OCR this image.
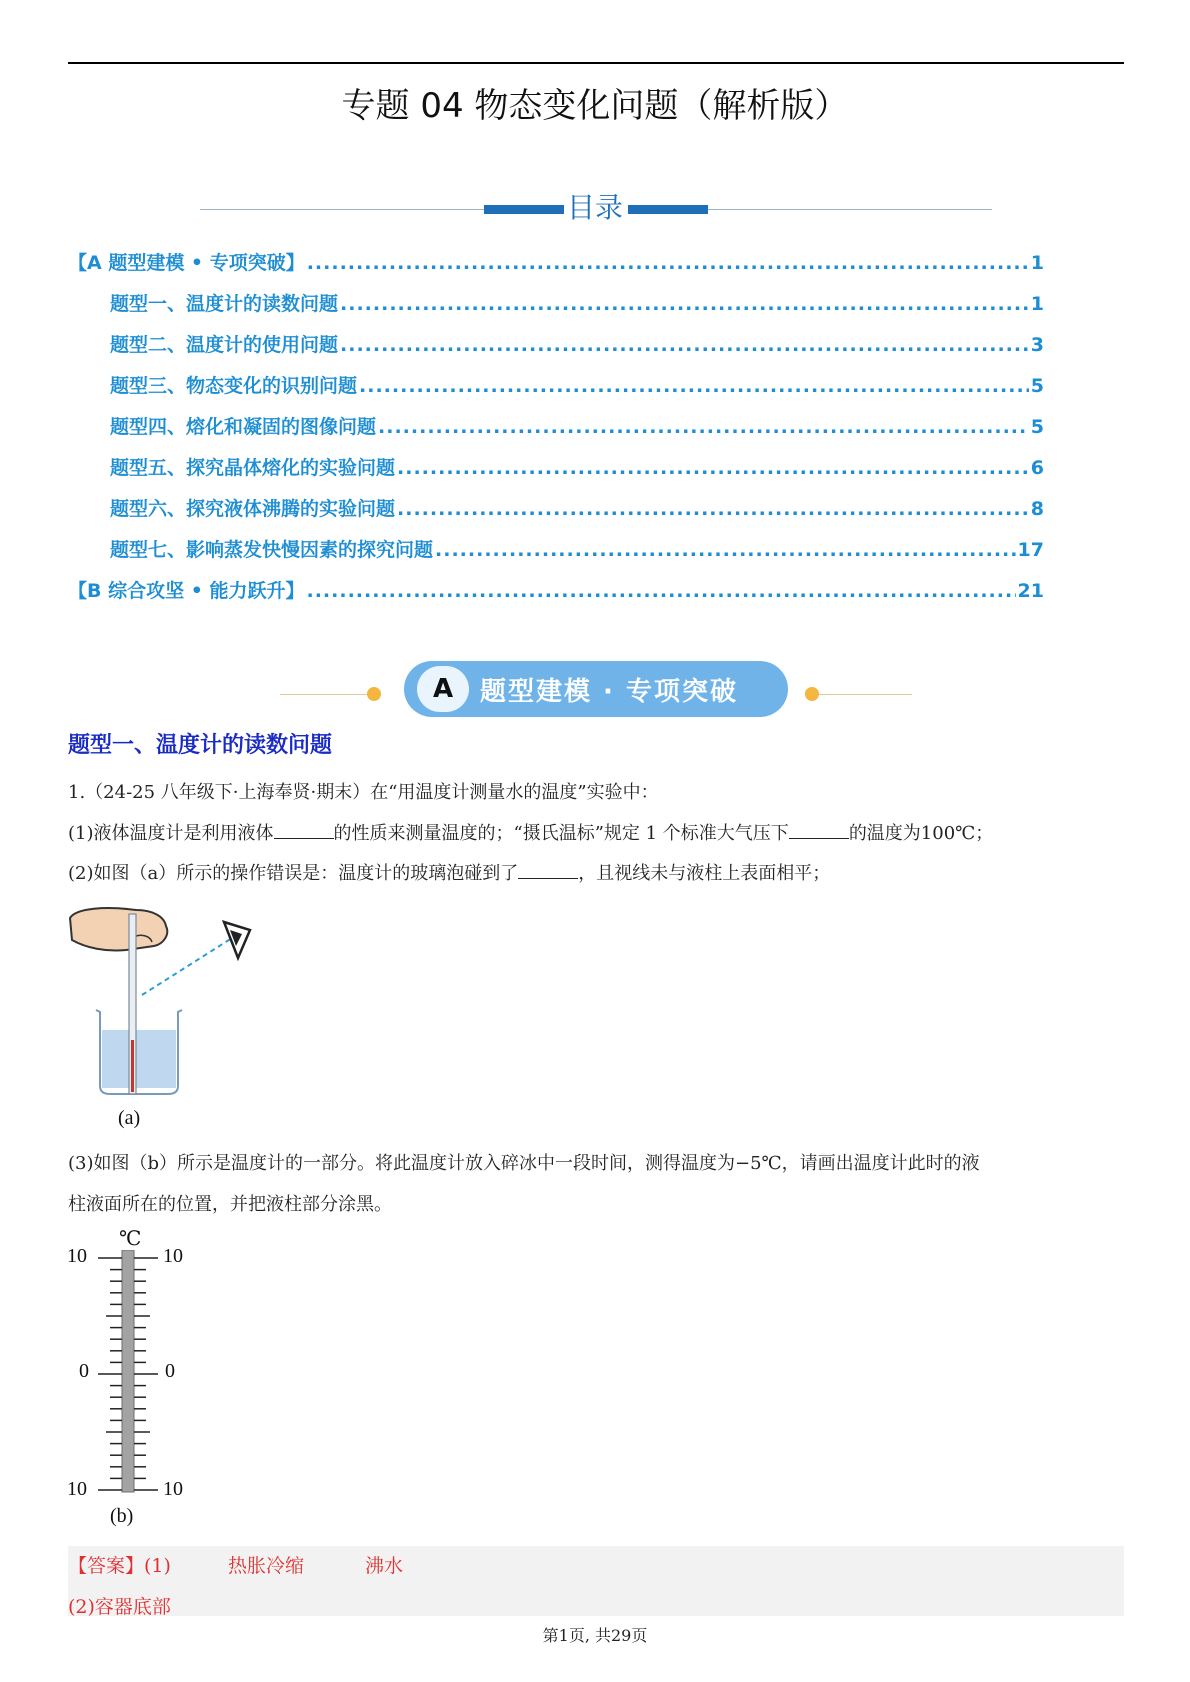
专题 04 物态变化问题（解析版）
目录
【A 题型建模 • 专项突破】 .....	1
题型一、温度计的读数问题 .....	1
题型二、温度计的使用问题 .....	3
题型三、物态变化的识别问题 .....	5
题型四、熔化和凝固的图像问题 .....	5
题型五、探究晶体熔化的实验问题 .....	6
题型六、探究液体沸腾的实验问题 .....	8
题型七、影响蒸发快慢因素的探究问题 .....	17
【B 综合攻坚 • 能力跃升】 .....	21
A	题型建模 · 专项突破
题型一、温度计的读数问题
1.（24-25 八年级下·上海奉贤·期末）在“用温度计测量水的温度”实验中：
(1)液体温度计是利用液体	的性质来测量温度的；“摄氏温标”规定 1 个标准大气压下	的温度为100℃；
(2)如图（a）所示的操作错误是：温度计的玻璃泡碰到了	，且视线未与液柱上表面相平；
(a)
(3)如图（b）所示是温度计的一部分。将此温度计放入碎冰中一段时间，测得温度为−5℃，请画出温度计此时的液
柱液面所在的位置，并把液柱部分涂黑。
℃
10	10
0	0
10	10
(b)
【答案】(1)	热胀冷缩	沸水
(2)容器底部
第1页, 共29页
